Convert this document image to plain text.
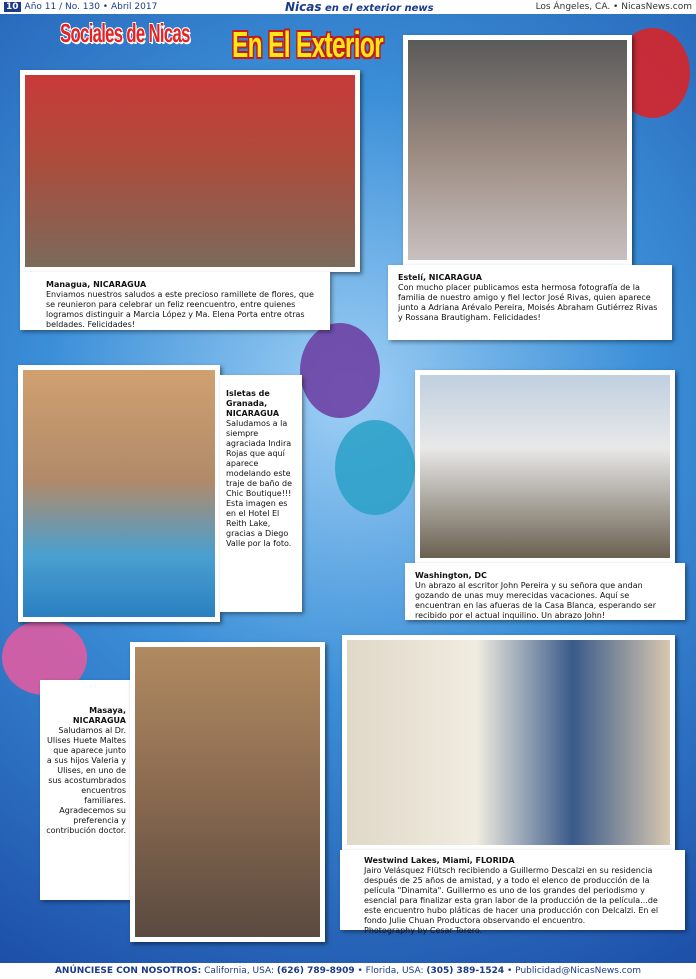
10 Año 11 / No. 130 • Abril 2017	Nicas en el exterior news	Los Ángeles, CA. • NicasNews.com
Managua, NICARAGUA
Enviamos nuestros saludos a este precioso ramillete de flores, que se reunieron para celebrar un feliz reencuentro, entre quienes logramos distinguir a Marcia López y Ma. Elena Porta entre otras beldades. Felicidades!
Estelí, NICARAGUA
Con mucho placer publicamos esta hermosa fotografía de la familia de nuestro amigo y fiel lector José Rivas, quien aparece junto a Adriana Arévalo Pereira, Moisés Abraham Gutiérrez Rivas y Rossana Brautigham. Felicidades!
Isletas de Granada, NICARAGUA
Saludamos a la siempre agraciada Indira Rojas que aquí aparece modelando este traje de baño de Chic Boutique!!! Esta imagen es en el Hotel El Reith Lake, gracias a Diego Valle por la foto.
Washington, DC
Un abrazo al escritor John Pereira y su señora que andan gozando de unas muy merecidas vacaciones. Aquí se encuentran en las afueras de la Casa Blanca, esperando ser recibido por el actual inquilino. Un abrazo John!
Masaya, NICARAGUA
Saludamos al Dr. Ulises Huete Maltes que aparece junto a sus hijos Valeria y Ulises, en uno de sus acostumbrados encuentros familiares. Agradecemos su preferencia y contribución doctor.
Westwind Lakes, Miami, FLORIDA
Jairo Velásquez Flütsch recibiendo a Guillermo Descalzi en su residencia después de 25 años de amistad, y a todo el elenco de producción de la película "Dinamita". Guillermo es uno de los grandes del periodismo y esencial para finalizar esta gran labor de la producción de la película...de este encuentro hubo pláticas de hacer una producción con Delcalzi. En el fondo Julie Chuan Productora observando el encuentro.
Photography by Cesar Torero.
Sociales de Nicas En El Exterior
ANÚNCIESE CON NOSOTROS: California, USA: (626) 789-8909 • Florida, USA: (305) 389-1524 • Publicidad@NicasNews.com
